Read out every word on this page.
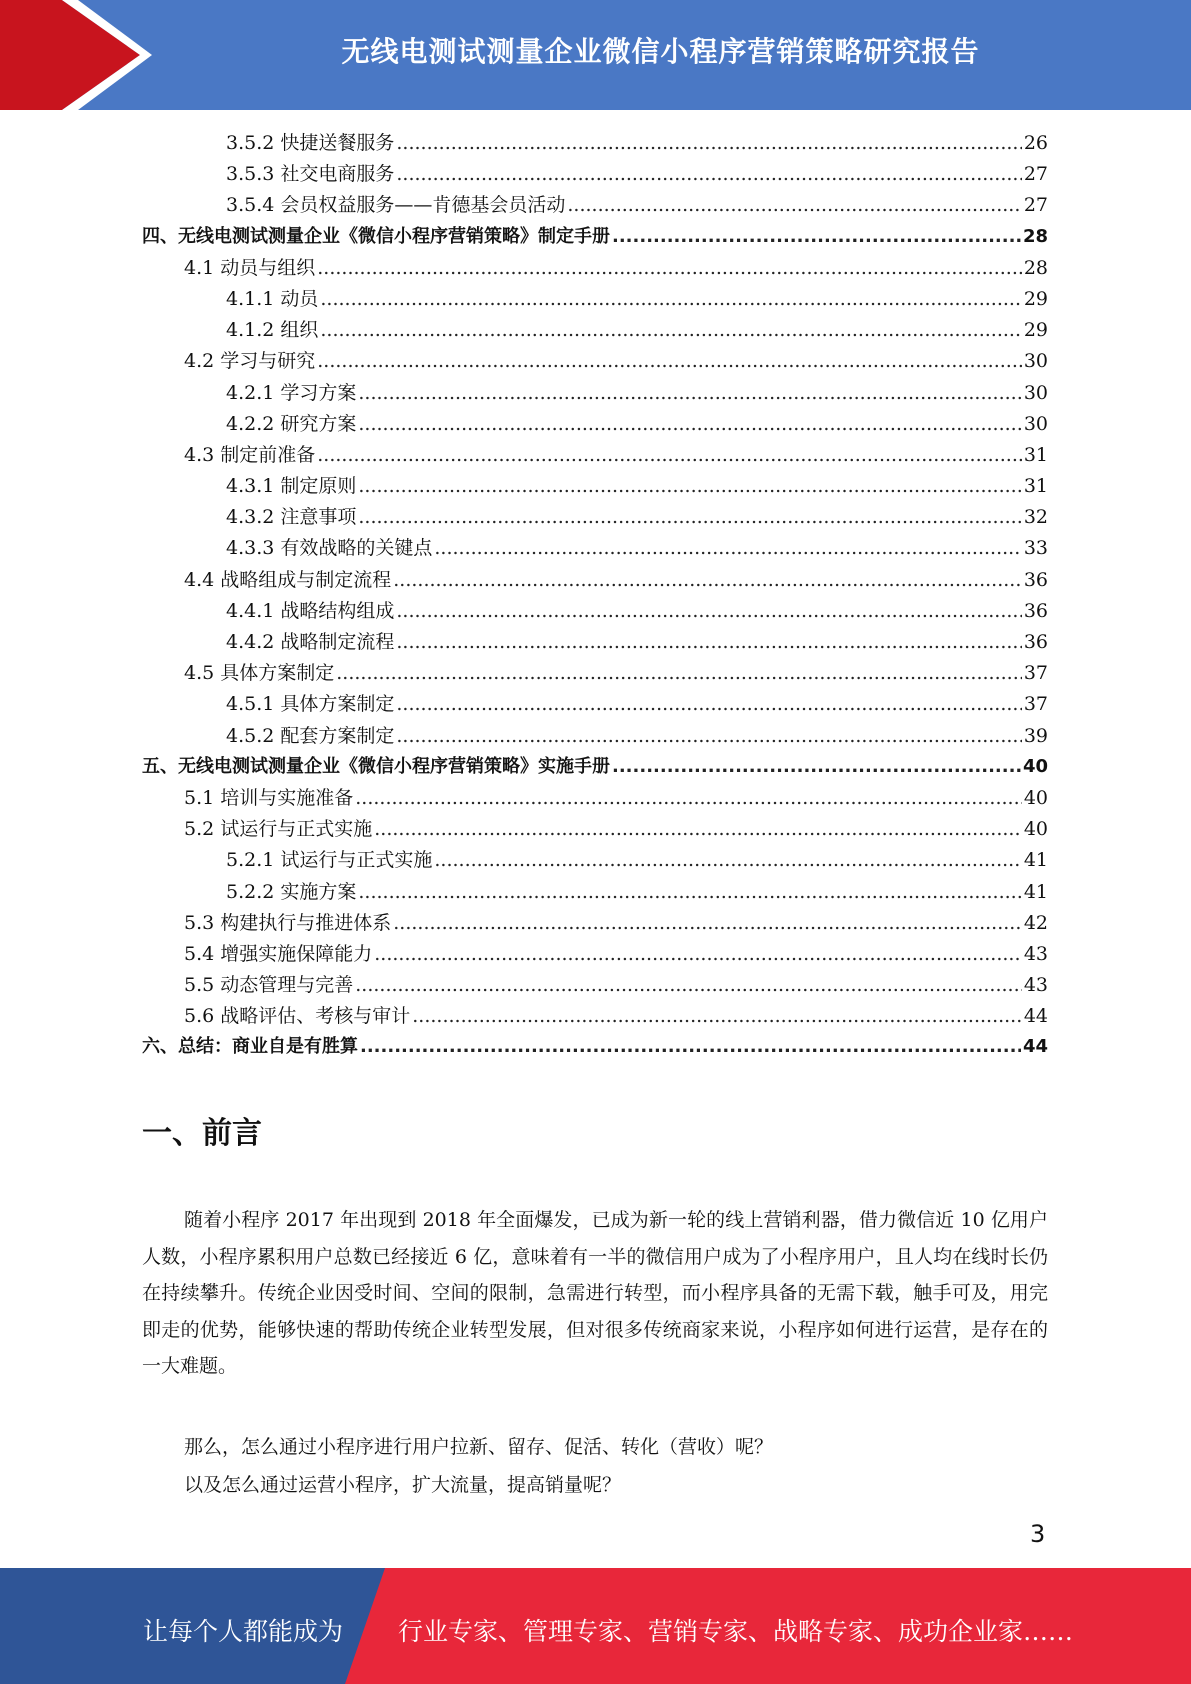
无线电测试测量企业微信小程序营销策略研究报告
3.5.2 快捷送餐服务 .....	26
3.5.3 社交电商服务 .....	27
3.5.4 会员权益服务——肯德基会员活动 .....	27
四、无线电测试测量企业《微信小程序营销策略》制定手册 .....	28
4.1 动员与组织 .....	28
4.1.1 动员 .....	29
4.1.2 组织 .....	29
4.2 学习与研究 .....	30
4.2.1 学习方案 .....	30
4.2.2 研究方案 .....	30
4.3 制定前准备 .....	31
4.3.1 制定原则 .....	31
4.3.2 注意事项 .....	32
4.3.3 有效战略的关键点 .....	33
4.4 战略组成与制定流程 .....	36
4.4.1 战略结构组成 .....	36
4.4.2 战略制定流程 .....	36
4.5 具体方案制定 .....	37
4.5.1 具体方案制定 .....	37
4.5.2 配套方案制定 .....	39
五、无线电测试测量企业《微信小程序营销策略》实施手册 .....	40
5.1 培训与实施准备 .....	40
5.2 试运行与正式实施 .....	40
5.2.1 试运行与正式实施 .....	41
5.2.2 实施方案 .....	41
5.3 构建执行与推进体系 .....	42
5.4 增强实施保障能力 .....	43
5.5 动态管理与完善 .....	43
5.6 战略评估、考核与审计 .....	44
六、总结：商业自是有胜算 .....	44
一、前言
随着小程序 2017 年出现到 2018 年全面爆发，已成为新一轮的线上营销利器，借力微信近 10 亿用户人数，小程序累积用户总数已经接近 6 亿，意味着有一半的微信用户成为了小程序用户，且人均在线时长仍在持续攀升。传统企业因受时间、空间的限制，急需进行转型，而小程序具备的无需下载，触手可及，用完即走的优势，能够快速的帮助传统企业转型发展，但对很多传统商家来说，小程序如何进行运营，是存在的一大难题。
那么，怎么通过小程序进行用户拉新、留存、促活、转化（营收）呢？
以及怎么通过运营小程序，扩大流量，提高销量呢？
3
让每个人都能成为 行业专家、管理专家、营销专家、战略专家、成功企业家……
